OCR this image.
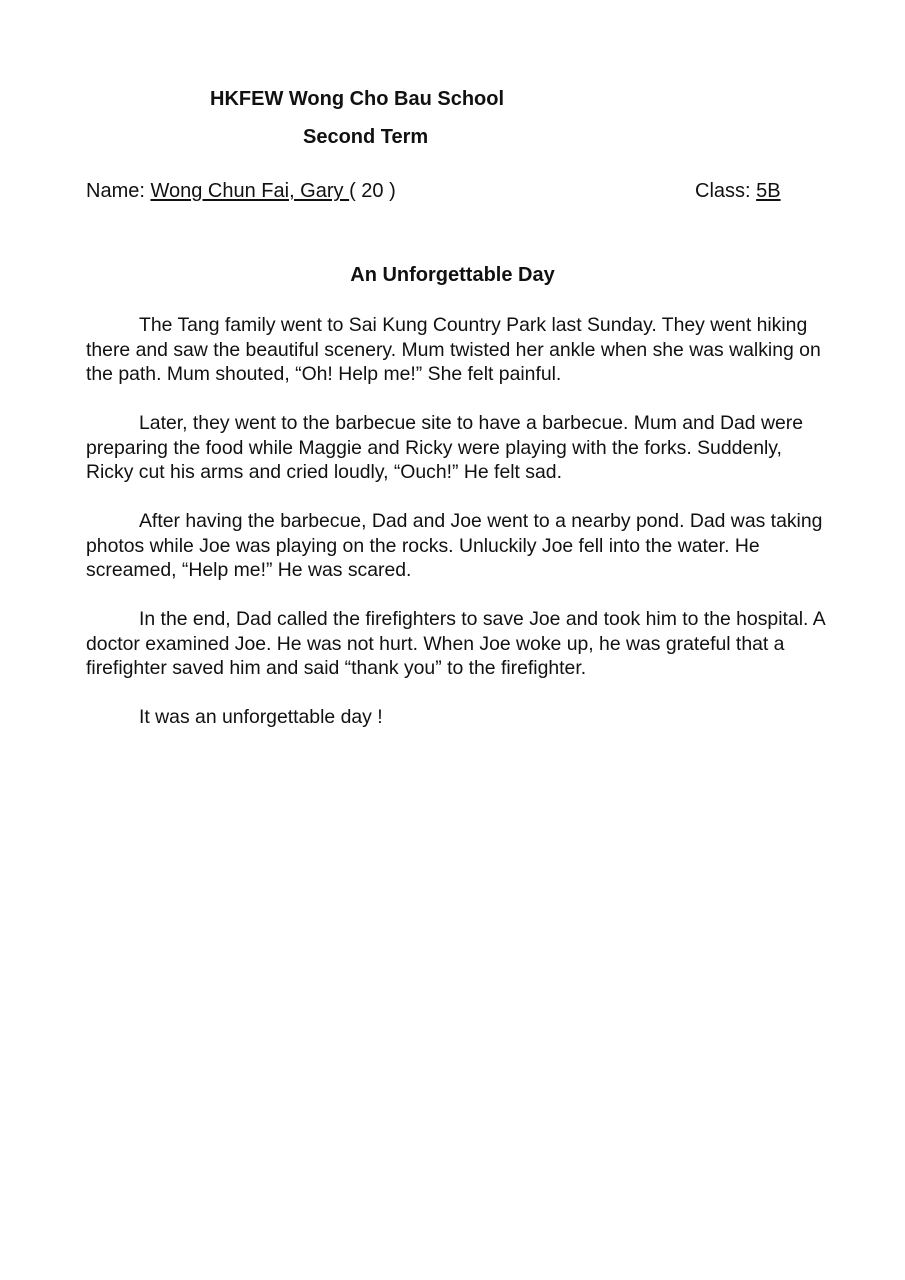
HKFEW Wong Cho Bau School
Second Term
Name: Wong Chun Fai, Gary ( 20 )	Class: 5B
An Unforgettable Day

The Tang family went to Sai Kung Country Park last Sunday. They went hiking there and saw the beautiful scenery. Mum twisted her ankle when she was walking on the path. Mum shouted, “Oh! Help me!” She felt painful.

Later, they went to the barbecue site to have a barbecue. Mum and Dad were preparing the food while Maggie and Ricky were playing with the forks. Suddenly, Ricky cut his arms and cried loudly, “Ouch!” He felt sad.

After having the barbecue, Dad and Joe went to a nearby pond. Dad was taking photos while Joe was playing on the rocks. Unluckily Joe fell into the water. He screamed, “Help me!” He was scared.

In the end, Dad called the firefighters to save Joe and took him to the hospital. A doctor examined Joe. He was not hurt. When Joe woke up, he was grateful that a firefighter saved him and said “thank you” to the firefighter.

It was an unforgettable day !
